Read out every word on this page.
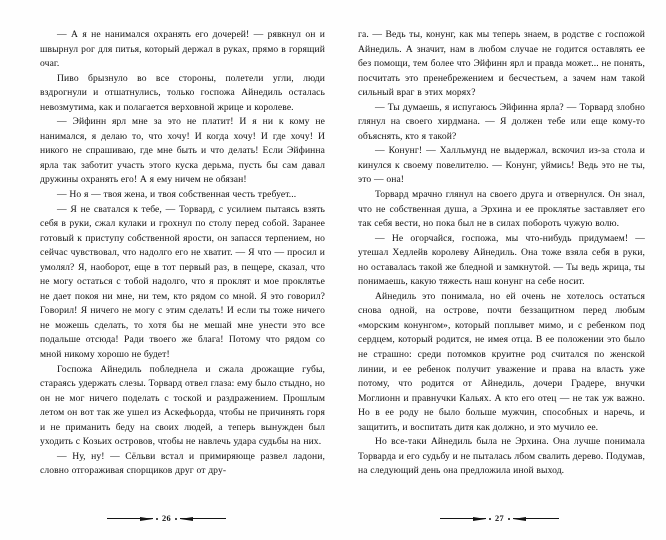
— А я не нанимался охранять его дочерей! — рявкнул он и швырнул рог для питья, который держал в руках, прямо в горящий очаг.

Пиво брызнуло во все стороны, полетели угли, люди вздрогнули и отшатнулись, только госпожа Айнедиль осталась невозмутима, как и полагается верховной жрице и королеве.

— Эйфинн ярл мне за это не платит! И я ни к кому не нанимался, я делаю то, что хочу! И когда хочу! И где хочу! И никого не спрашиваю, где мне быть и что делать! Если Эйфинна ярла так заботит участь этого куска дерьма, пусть бы сам давал дружины охранять его! А я ему ничем не обязан!

— Но я — твоя жена, и твоя собственная честь требует...

— Я не сватался к тебе, — Торвард, с усилием пытаясь взять себя в руки, сжал кулаки и грохнул по столу перед собой. Заранее готовый к приступу собственной ярости, он запасся терпением, но сейчас чувствовал, что надолго его не хватит. — Я что — просил и умолял? Я, наоборот, еще в тот первый раз, в пещере, сказал, что не могу остаться с тобой надолго, что я проклят и мое проклятье не дает покоя ни мне, ни тем, кто рядом со мной. Я это говорил? Говорил! Я ничего не могу с этим сделать! И если ты тоже ничего не можешь сделать, то хотя бы не мешай мне унести это все подальше отсюда! Ради твоего же блага! Потому что рядом со мной никому хорошо не будет!

Госпожа Айнедиль побледнела и сжала дрожащие губы, стараясь удержать слезы. Торвард отвел глаза: ему было стыдно, но он не мог ничего поделать с тоской и раздражением. Прошлым летом он вот так же ушел из Аскефьорда, чтобы не причинять горя и не приманить беду на своих людей, а теперь вынужден был уходить с Козьих островов, чтобы не навлечь удара судьбы на них.

— Ну, ну! — Сёльви встал и примиряюще развел ладони, словно отгораживая спорщиков друг от дру-

26

га. — Ведь ты, конунг, как мы теперь знаем, в родстве с госпожой Айнедиль. А значит, нам в любом случае не годится оставлять ее без помощи, тем более что Эйфинн ярл и правда может... не понять, посчитать это пренебрежением и бесчестьем, а зачем нам такой сильный враг в этих морях?

— Ты думаешь, я испугаюсь Эйфинна ярла? — Торвард злобно глянул на своего хирдмана. — Я должен тебе или еще кому-то объяснять, кто я такой?

— Конунг! — Халльмунд не выдержал, вскочил из-за стола и кинулся к своему повелителю. — Конунг, уймись! Ведь это не ты, это — она!

Торвард мрачно глянул на своего друга и отвернулся. Он знал, что не собственная душа, а Эрхина и ее проклятье заставляет его так себя вести, но пока был не в силах побороть чужую волю.

— Не огорчайся, госпожа, мы что-нибудь придумаем! — утешал Хедлейв королеву Айнедиль. Она тоже взяла себя в руки, но оставалась такой же бледной и замкнутой. — Ты ведь жрица, ты понимаешь, какую тяжесть наш конунг на себе носит.

Айнедиль это понимала, но ей очень не хотелось остаться снова одной, на острове, почти беззащитном перед любым «морским конунгом», который поплывет мимо, и с ребенком под сердцем, который родится, не имея отца. В ее положении это было не страшно: среди потомков круитне род считался по женской линии, и ее ребенок получит уважение и права на власть уже потому, что родится от Айнедиль, дочери Градере, внучки Моглионн и правнучки Кальях. А кто его отец — не так уж важно. Но в ее роду не было больше мужчин, способных и наречь, и защитить, и воспитать дитя как должно, и это мучило ее.

Но все-таки Айнедиль была не Эрхина. Она лучше понимала Торварда и его судьбу и не пыталась лбом свалить дерево. Подумав, на следующий день она предложила иной выход.

27
